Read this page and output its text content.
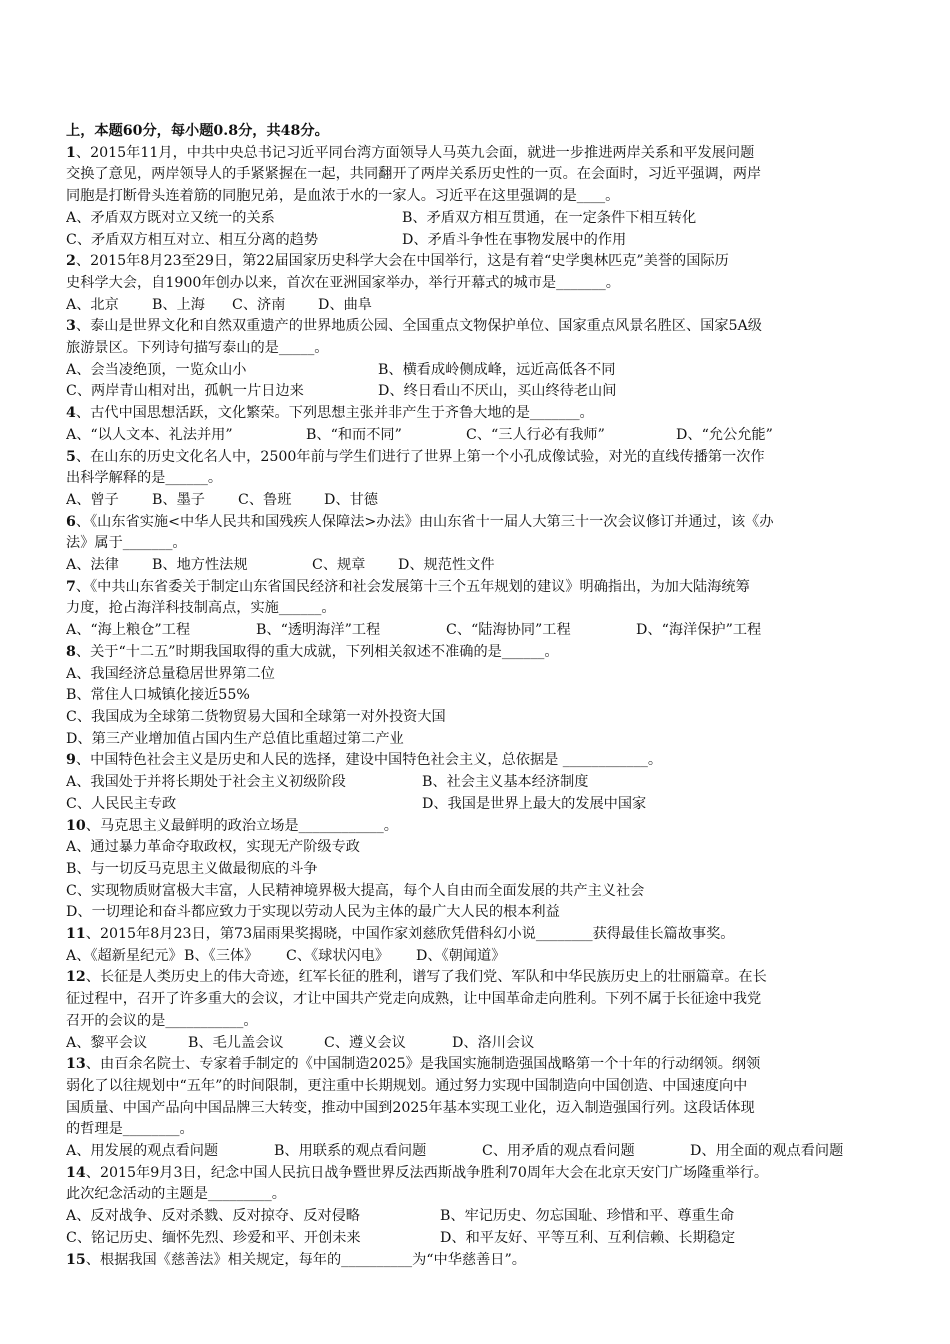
上，本题60分，每小题0.8分，共48分。
1、2015年11月，中共中央总书记习近平同台湾方面领导人马英九会面，就进一步推进两岸关系和平发展问题
交换了意见，两岸领导人的手紧紧握在一起，共同翻开了两岸关系历史性的一页。在会面时，习近平强调，两岸
同胞是打断骨头连着筋的同胞兄弟，是血浓于水的一家人。习近平在这里强调的是____。
A、矛盾双方既对立又统一的关系	B、矛盾双方相互贯通，在一定条件下相互转化
C、矛盾双方相互对立、相互分离的趋势	D、矛盾斗争性在事物发展中的作用
2、2015年8月23至29日，第22届国家历史科学大会在中国举行，这是有着“史学奥林匹克”美誉的国际历
史科学大会，自1900年创办以来，首次在亚洲国家举办，举行开幕式的城市是_______。
A、北京	B、上海	C、济南	D、曲阜
3、泰山是世界文化和自然双重遗产的世界地质公园、全国重点文物保护单位、国家重点风景名胜区、国家5A级
旅游景区。下列诗句描写泰山的是_____。
A、会当凌绝顶，一览众山小	B、横看成岭侧成峰，远近高低各不同
C、两岸青山相对出，孤帆一片日边来	D、终日看山不厌山，买山终待老山间
4、古代中国思想活跃，文化繁荣。下列思想主张并非产生于齐鲁大地的是_______。
A、“以人文本、礼法并用”	B、“和而不同”	C、“三人行必有我师”	D、“允公允能”
5、在山东的历史文化名人中，2500年前与学生们进行了世界上第一个小孔成像试验，对光的直线传播第一次作
出科学解释的是______。
A、曾子	B、墨子	C、鲁班	D、甘德
6、《山东省实施<中华人民共和国残疾人保障法>办法》由山东省十一届人大第三十一次会议修订并通过，该《办
法》属于_______。
A、法律	B、地方性法规	C、规章	D、规范性文件
7、《中共山东省委关于制定山东省国民经济和社会发展第十三个五年规划的建议》明确指出，为加大陆海统筹
力度，抢占海洋科技制高点，实施______。
A、“海上粮仓”工程	B、“透明海洋”工程	C、“陆海协同”工程	D、“海洋保护”工程
8、关于“十二五”时期我国取得的重大成就，下列相关叙述不准确的是______。
A、我国经济总量稳居世界第二位
B、常住人口城镇化接近55%
C、我国成为全球第二货物贸易大国和全球第一对外投资大国
D、第三产业增加值占国内生产总值比重超过第二产业
9、中国特色社会主义是历史和人民的选择，建设中国特色社会主义，总依据是 ____________。
A、我国处于并将长期处于社会主义初级阶段	B、社会主义基本经济制度
C、人民民主专政	D、我国是世界上最大的发展中国家
10、马克思主义最鲜明的政治立场是____________。
A、通过暴力革命夺取政权，实现无产阶级专政
B、与一切反马克思主义做最彻底的斗争
C、实现物质财富极大丰富，人民精神境界极大提高，每个人自由而全面发展的共产主义社会
D、一切理论和奋斗都应致力于实现以劳动人民为主体的最广大人民的根本利益
11、2015年8月23日，第73届雨果奖揭晓，中国作家刘慈欣凭借科幻小说________获得最佳长篇故事奖。
A、《超新星纪元》 B、《三体》	C、《球状闪电》	D、《朝闻道》
12、长征是人类历史上的伟大奇迹，红军长征的胜利，谱写了我们党、军队和中华民族历史上的壮丽篇章。在长
征过程中，召开了许多重大的会议，才让中国共产党走向成熟，让中国革命走向胜利。下列不属于长征途中我党
召开的会议的是___________。
A、黎平会议	B、毛儿盖会议	C、遵义会议	D、洛川会议
13、由百余名院士、专家着手制定的《中国制造2025》是我国实施制造强国战略第一个十年的行动纲领。纲领
弱化了以往规划中“五年”的时间限制，更注重中长期规划。通过努力实现中国制造向中国创造、中国速度向中
国质量、中国产品向中国品牌三大转变，推动中国到2025年基本实现工业化，迈入制造强国行列。这段话体现
的哲理是________。
A、用发展的观点看问题	B、用联系的观点看问题	C、用矛盾的观点看问题	D、用全面的观点看问题
14、2015年9月3日，纪念中国人民抗日战争暨世界反法西斯战争胜利70周年大会在北京天安门广场隆重举行。
此次纪念活动的主题是_________。
A、反对战争、反对杀戮、反对掠夺、反对侵略	B、牢记历史、勿忘国耻、珍惜和平、尊重生命
C、铭记历史、缅怀先烈、珍爱和平、开创未来	D、和平友好、平等互利、互利信赖、长期稳定
15、根据我国《慈善法》相关规定，每年的__________为“中华慈善日”。
